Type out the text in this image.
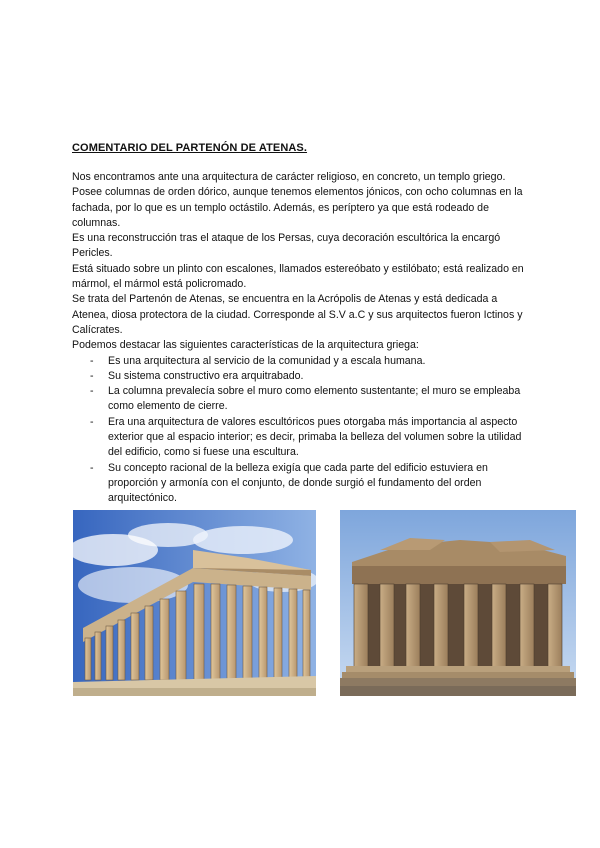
COMENTARIO DEL PARTENÓN DE ATENAS.

Nos encontramos ante una arquitectura de carácter religioso, en concreto, un templo griego.

Posee columnas de orden dórico, aunque tenemos elementos jónicos, con ocho columnas en la fachada, por lo que es un templo octástilo. Además, es períptero ya que está rodeado de columnas.

Es una reconstrucción tras el ataque de los Persas, cuya decoración escultórica la encargó Pericles.

Está situado sobre un plinto con escalones, llamados estereóbato y estilóbato; está realizado en mármol, el mármol está policromado.

Se trata del Partenón de Atenas, se encuentra en la Acrópolis de Atenas y está dedicada a Atenea, diosa protectora de la ciudad. Corresponde al S.V a.C y sus arquitectos fueron Ictinos y Calícrates.

Podemos destacar las siguientes características de la arquitectura griega:

- Es una arquitectura al servicio de la comunidad y a escala humana.
- Su sistema constructivo era arquitrabado.
- La columna prevalecía sobre el muro como elemento sustentante; el muro se empleaba como elemento de cierre.
- Era una arquitectura de valores escultóricos pues otorgaba más importancia al aspecto exterior que al espacio interior; es decir, primaba la belleza del volumen sobre la utilidad del edificio, como si fuese una escultura.
- Su concepto racional de la belleza exigía que cada parte del edificio estuviera en proporción y armonía con el conjunto, de donde surgió el fundamento del orden arquitectónico.
